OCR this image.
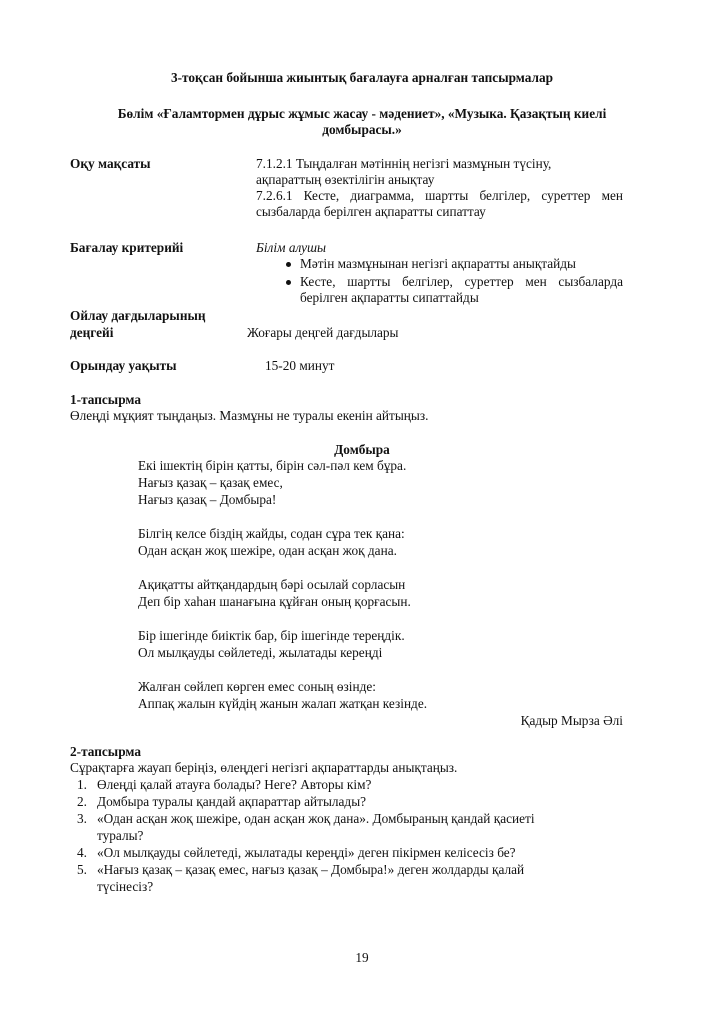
3-тоқсан бойынша жиынтық бағалауға арналған тапсырмалар
Бөлім «Ғаламтормен дұрыс жұмыс жасау - мәдениет», «Музыка. Қазақтың киелі
домбырасы.»
Оқу мақсаты	7.1.2.1 Тыңдалған мәтіннің негізгі мазмұнын түсіну,
ақпараттың өзектілігін анықтау
7.2.6.1 Кесте, диаграмма, шартты белгілер, суреттер мен
сызбаларда берілген ақпаратты сипаттау
Бағалау критерийі	Білім алушы
Мәтін мазмұнынан негізгі ақпаратты анықтайды
Кесте, шартты белгілер, суреттер мен сызбаларда
берілген ақпаратты сипаттайды
Ойлау дағдыларының
деңгейі	Жоғары деңгей дағдылары
Орындау уақыты	15-20 минут
1-тапсырма
Өлеңді мұқият тыңдаңыз. Мазмұны не туралы екенін айтыңыз.
Домбыра
Екі ішектің бірін қатты, бірін сәл-пәл кем бұра.
Нағыз қазақ – қазақ емес,
Нағыз қазақ – Домбыра!
Білгің келсе біздің жайды, содан сұра тек қана:
Одан асқан жоқ шежіре, одан асқан жоқ дана.
Ақиқатты айтқандардың бәрі осылай сорласын
Деп бір хаһан шанағына құйған оның қорғасын.
Бір ішегінде биіктік бар, бір ішегінде тереңдік.
Ол мылқауды сөйлетеді, жылатады кереңді
Жалған сөйлеп көрген емес соның өзінде:
Аппақ жалын күйдің жанын жалап жатқан кезінде.
Қадыр Мырза Әлі
2-тапсырма
Сұрақтарға жауап беріңіз, өлеңдегі негізгі ақпараттарды анықтаңыз.
1. Өлеңді қалай атауға болады? Неге? Авторы кім?
2. Домбыра туралы қандай ақпараттар айтылады?
3. «Одан асқан жоқ шежіре, одан асқан жоқ дана». Домбыраның қандай қасиеті
туралы?
4. «Ол мылқауды сөйлетеді, жылатады кереңді» деген пікірмен келісесіз бе?
5. «Нағыз қазақ – қазақ емес, нағыз қазақ – Домбыра!» деген жолдарды қалай
түсінесіз?
19
